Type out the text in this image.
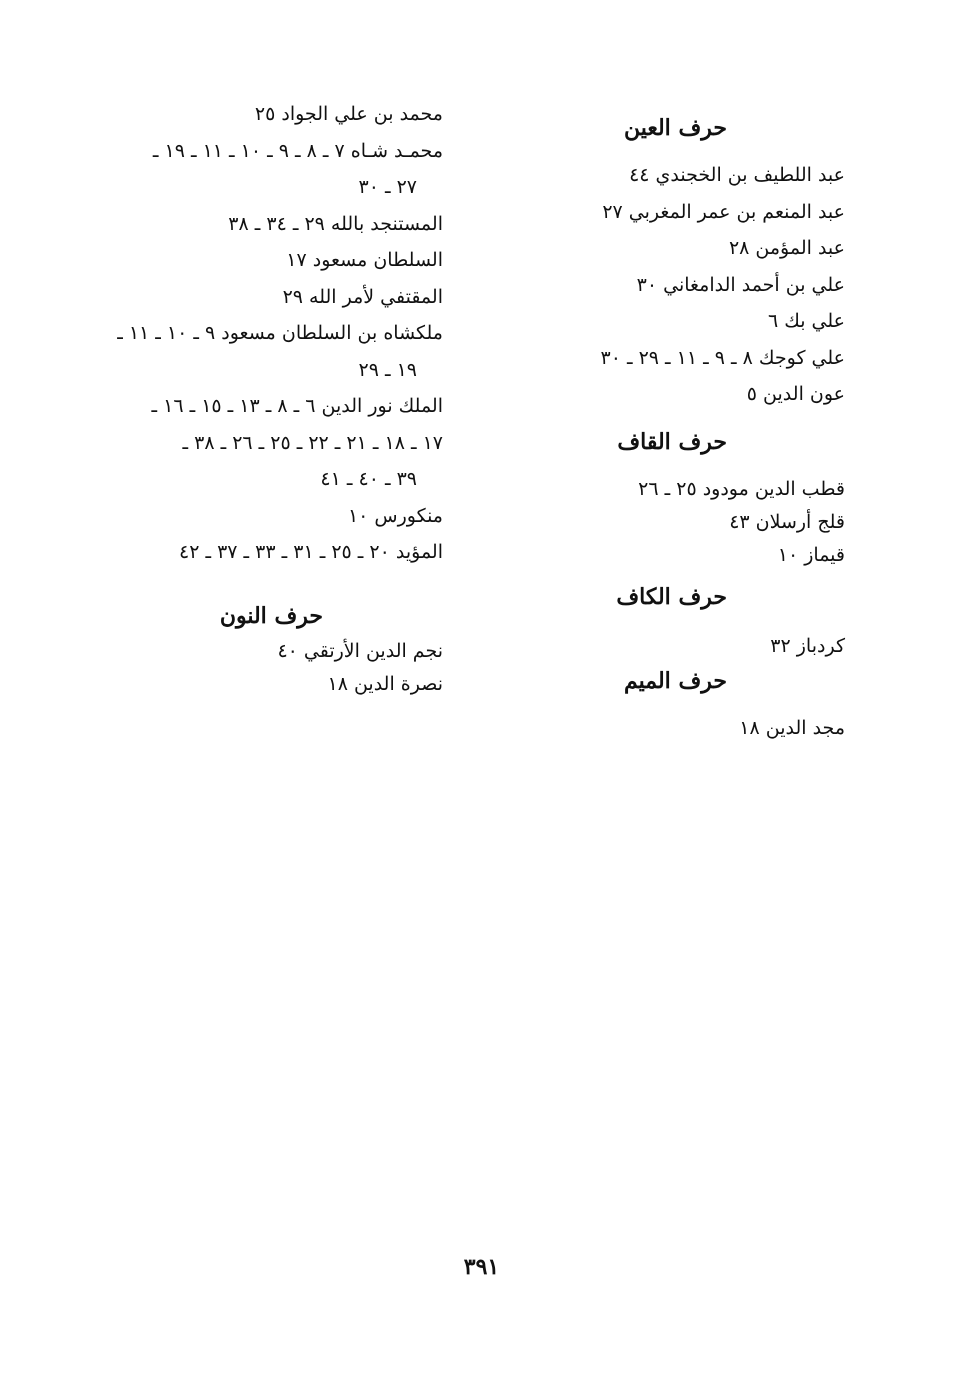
حرف العين

عبد اللطيف بن الخجندي ٤٤

عبد المنعم بن عمر المغربي ٢٧

عبد المؤمن ٢٨

علي بن أحمد الدامغاني ٣٠

علي بك ٦

علي كوجك ٨ ـ ٩ ـ ١١ ـ ٢٩ ـ ٣٠

عون الدين ٥

حرف القاف

قطب الدين مودود ٢٥ ـ ٢٦

قلج أرسلان ٤٣

قيماز ١٠

حرف الكاف

كردباز ٣٢

حرف الميم

مجد الدين ١٨

محمد بن علي الجواد ٢٥

محمـد شـاه ٧ ـ ٨ ـ ٩ ـ ١٠ ـ ١١ ـ ١٩ ـ
٢٧ ـ ٣٠

المستنجد بالله ٢٩ ـ ٣٤ ـ ٣٨

السلطان مسعود ١٧

المقتفي لأمر الله ٢٩

ملكشاه بن السلطان مسعود ٩ ـ ١٠ ـ ١١ ـ
١٩ ـ ٢٩

الملك نور الدين ٦ ـ ٨ ـ ١٣ ـ ١٥ ـ ١٦ ـ
١٧ ـ ١٨ ـ ٢١ ـ ٢٢ ـ ٢٥ ـ ٢٦ ـ ٣٨ ـ
٣٩ ـ ٤٠ ـ ٤١

منكورس ١٠

المؤيد ٢٠ ـ ٢٥ ـ ٣١ ـ ٣٣ ـ ٣٧ ـ ٤٢

حرف النون

نجم الدين الأرتقي ٤٠

نصرة الدين ١٨

٣٩١
